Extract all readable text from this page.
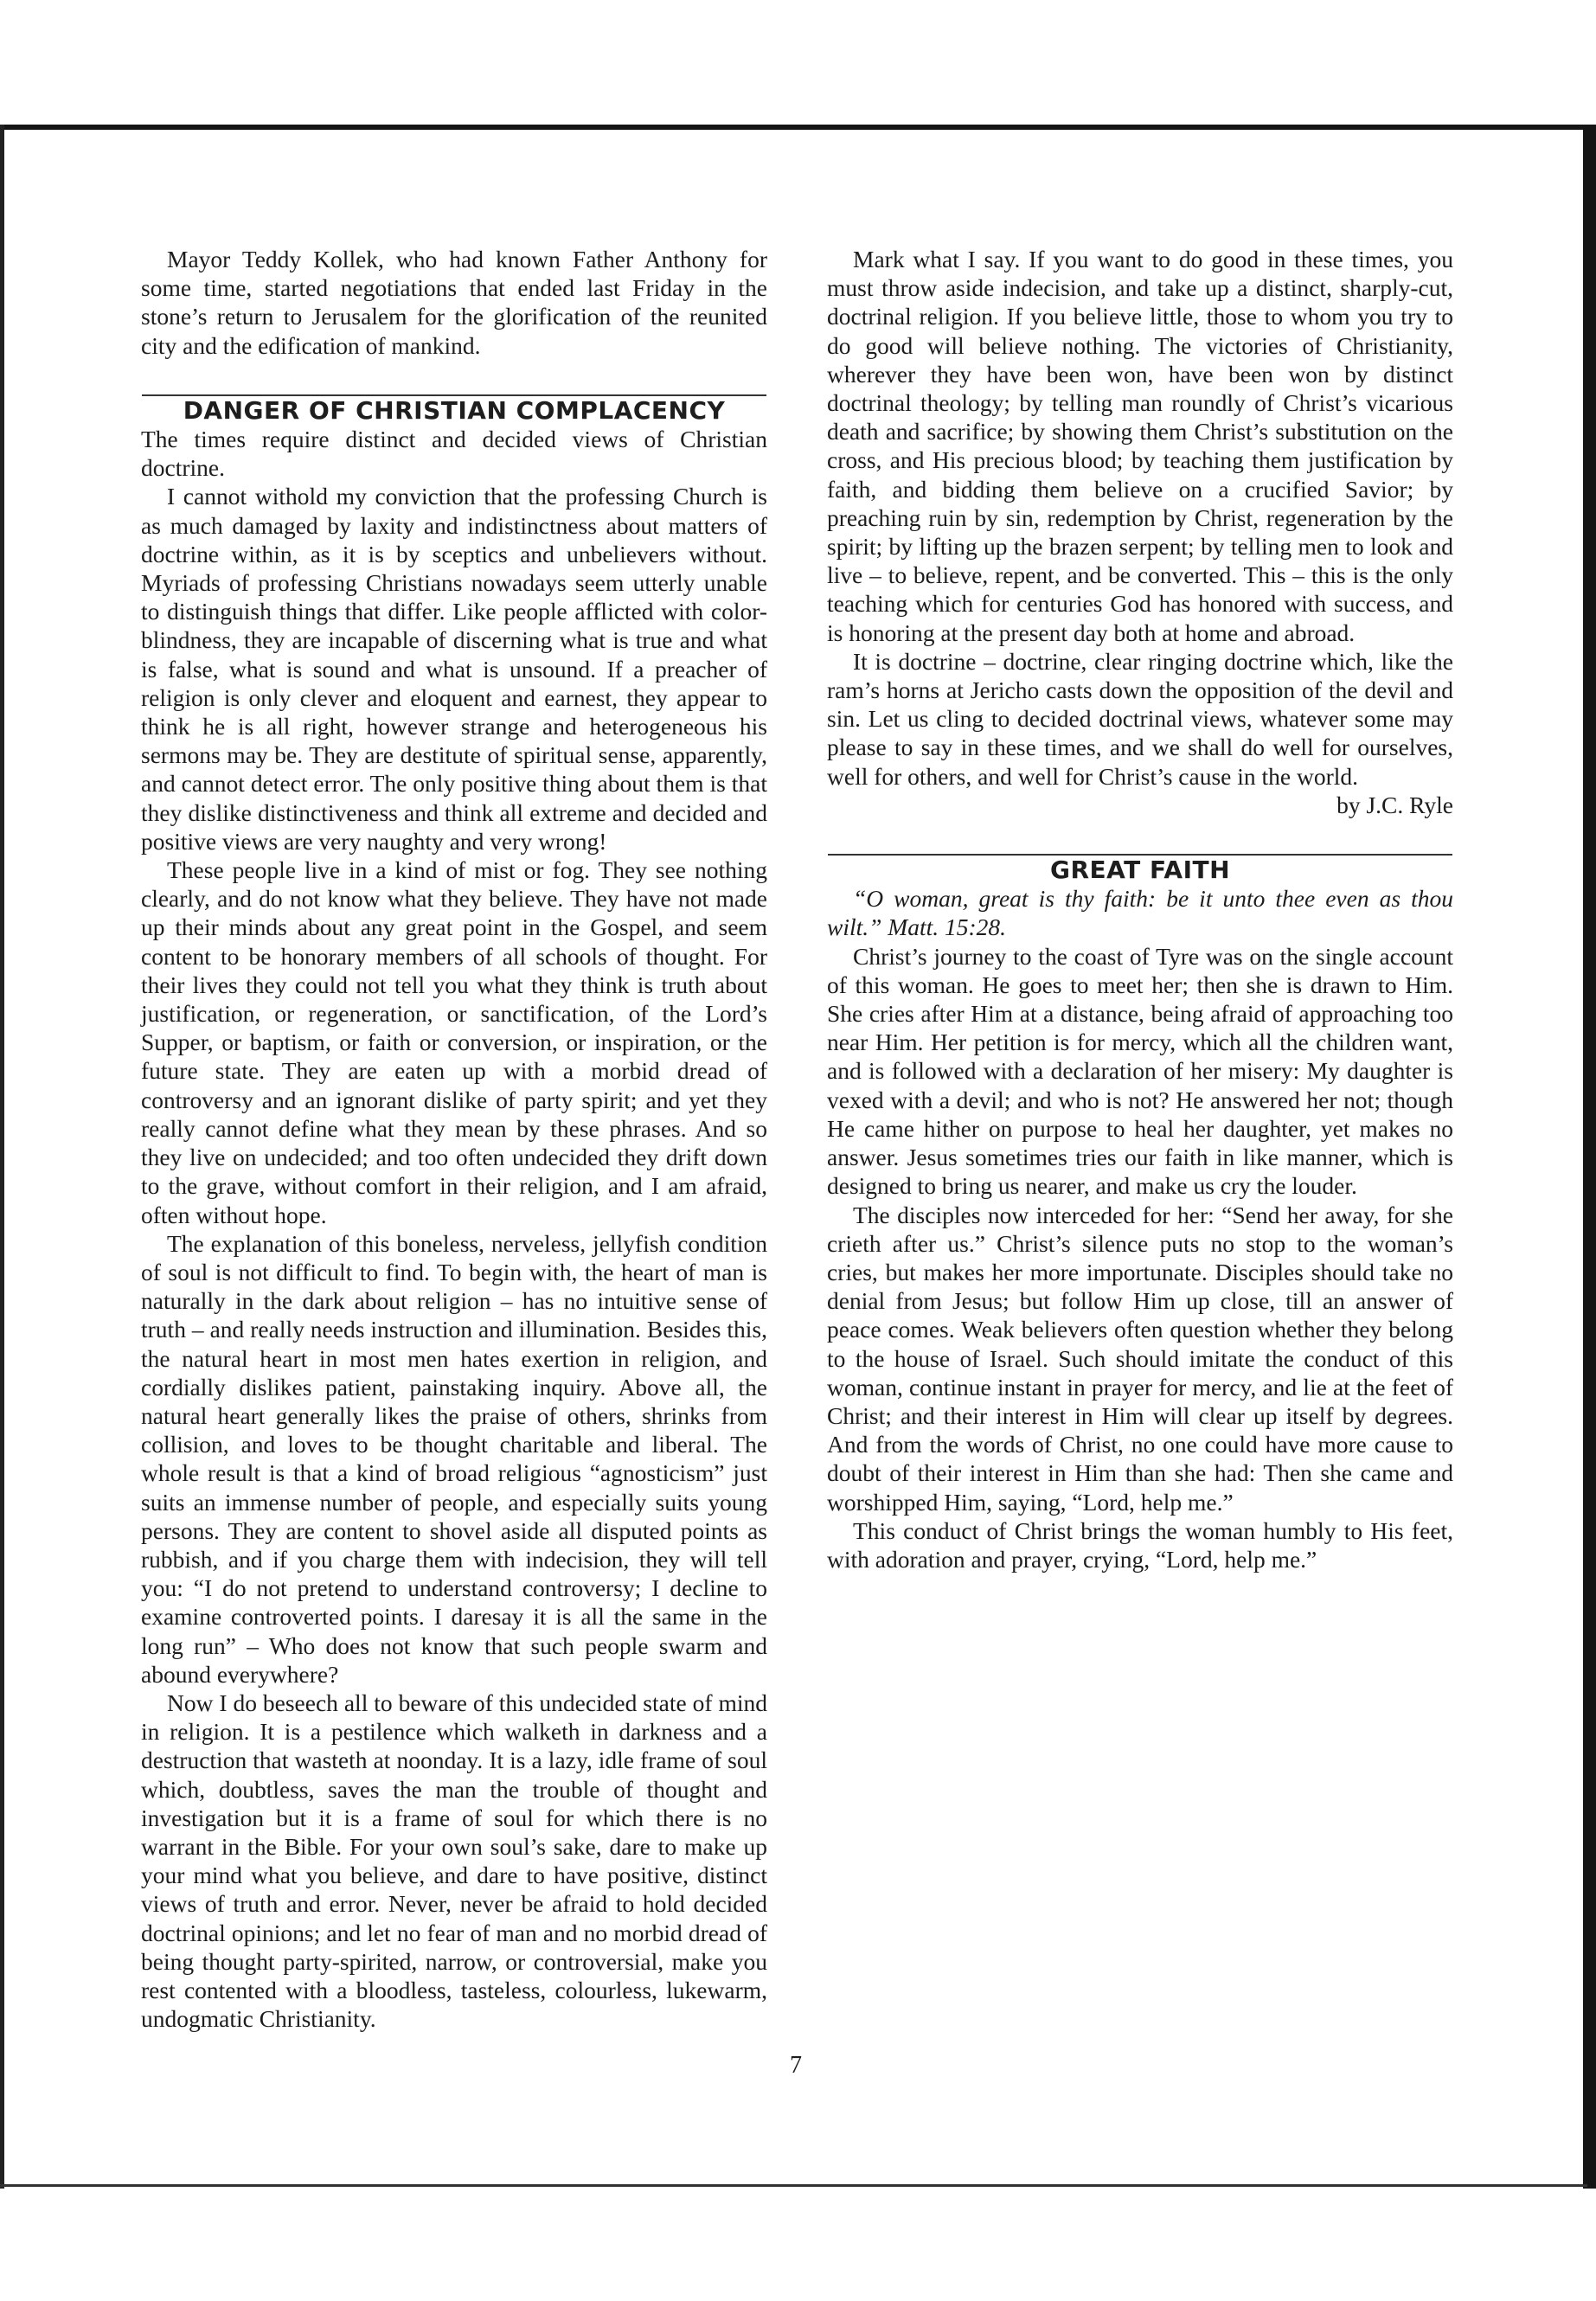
Mayor Teddy Kollek, who had known Father Anthony for some time, started negotiations that ended last Friday in the stone’s return to Jerusalem for the glorification of the reunited city and the edification of mankind.

DANGER OF CHRISTIAN COMPLACENCY

The times require distinct and decided views of Christian doctrine.

I cannot withold my conviction that the professing Church is as much damaged by laxity and indistinctness about matters of doctrine within, as it is by sceptics and unbelievers without. Myriads of professing Christians nowadays seem utterly unable to distinguish things that differ. Like people afflicted with color-blindness, they are incapable of discerning what is true and what is false, what is sound and what is unsound. If a preacher of religion is only clever and eloquent and earnest, they appear to think he is all right, however strange and heterogeneous his sermons may be. They are destitute of spiritual sense, apparently, and cannot detect error. The only positive thing about them is that they dislike distinctiveness and think all extreme and decided and positive views are very naughty and very wrong!

These people live in a kind of mist or fog. They see nothing clearly, and do not know what they believe. They have not made up their minds about any great point in the Gospel, and seem content to be honorary members of all schools of thought. For their lives they could not tell you what they think is truth about justification, or regeneration, or sanctification, of the Lord’s Supper, or baptism, or faith or conversion, or inspiration, or the future state. They are eaten up with a morbid dread of controversy and an ignorant dislike of party spirit; and yet they really cannot define what they mean by these phrases. And so they live on undecided; and too often undecided they drift down to the grave, without comfort in their religion, and I am afraid, often without hope.

The explanation of this boneless, nerveless, jellyfish condition of soul is not difficult to find. To begin with, the heart of man is naturally in the dark about religion – has no intuitive sense of truth – and really needs instruction and illumination. Besides this, the natural heart in most men hates exertion in religion, and cordially dislikes patient, painstaking inquiry. Above all, the natural heart generally likes the praise of others, shrinks from collision, and loves to be thought charitable and liberal. The whole result is that a kind of broad religious “agnosticism” just suits an immense number of people, and especially suits young persons. They are content to shovel aside all disputed points as rubbish, and if you charge them with indecision, they will tell you: “I do not pretend to understand controversy; I decline to examine controverted points. I daresay it is all the same in the long run” – Who does not know that such people swarm and abound everywhere?

Now I do beseech all to beware of this undecided state of mind in religion. It is a pestilence which walketh in darkness and a destruction that wasteth at noonday. It is a lazy, idle frame of soul which, doubtless, saves the man the trouble of thought and investigation but it is a frame of soul for which there is no warrant in the Bible. For your own soul’s sake, dare to make up your mind what you believe, and dare to have positive, distinct views of truth and error. Never, never be afraid to hold decided doctrinal opinions; and let no fear of man and no morbid dread of being thought party-spirited, narrow, or controversial, make you rest contented with a bloodless, tasteless, colourless, lukewarm, undogmatic Christianity.

Mark what I say. If you want to do good in these times, you must throw aside indecision, and take up a distinct, sharply-cut, doctrinal religion. If you believe little, those to whom you try to do good will believe nothing. The victories of Christianity, wherever they have been won, have been won by distinct doctrinal theology; by telling man roundly of Christ’s vicarious death and sacrifice; by showing them Christ’s substitution on the cross, and His precious blood; by teaching them justification by faith, and bidding them believe on a crucified Savior; by preaching ruin by sin, redemption by Christ, regeneration by the spirit; by lifting up the brazen serpent; by telling men to look and live – to believe, repent, and be converted. This – this is the only teaching which for centuries God has honored with success, and is honoring at the present day both at home and abroad.

It is doctrine – doctrine, clear ringing doctrine which, like the ram’s horns at Jericho casts down the opposition of the devil and sin. Let us cling to decided doctrinal views, whatever some may please to say in these times, and we shall do well for ourselves, well for others, and well for Christ’s cause in the world.

by J.C. Ryle

GREAT FAITH

“O woman, great is thy faith: be it unto thee even as thou wilt.” Matt. 15:28.

Christ’s journey to the coast of Tyre was on the single account of this woman. He goes to meet her; then she is drawn to Him. She cries after Him at a distance, being afraid of approaching too near Him. Her petition is for mercy, which all the children want, and is followed with a declaration of her misery: My daughter is vexed with a devil; and who is not? He answered her not; though He came hither on purpose to heal her daughter, yet makes no answer. Jesus sometimes tries our faith in like manner, which is designed to bring us nearer, and make us cry the louder.

The disciples now interceded for her: “Send her away, for she crieth after us.” Christ’s silence puts no stop to the woman’s cries, but makes her more importunate. Disciples should take no denial from Jesus; but follow Him up close, till an answer of peace comes. Weak believers often question whether they belong to the house of Israel. Such should imitate the conduct of this woman, continue instant in prayer for mercy, and lie at the feet of Christ; and their interest in Him will clear up itself by degrees. And from the words of Christ, no one could have more cause to doubt of their interest in Him than she had: Then she came and worshipped Him, saying, “Lord, help me.”

This conduct of Christ brings the woman humbly to His feet, with adoration and prayer, crying, “Lord, help me.”

7
